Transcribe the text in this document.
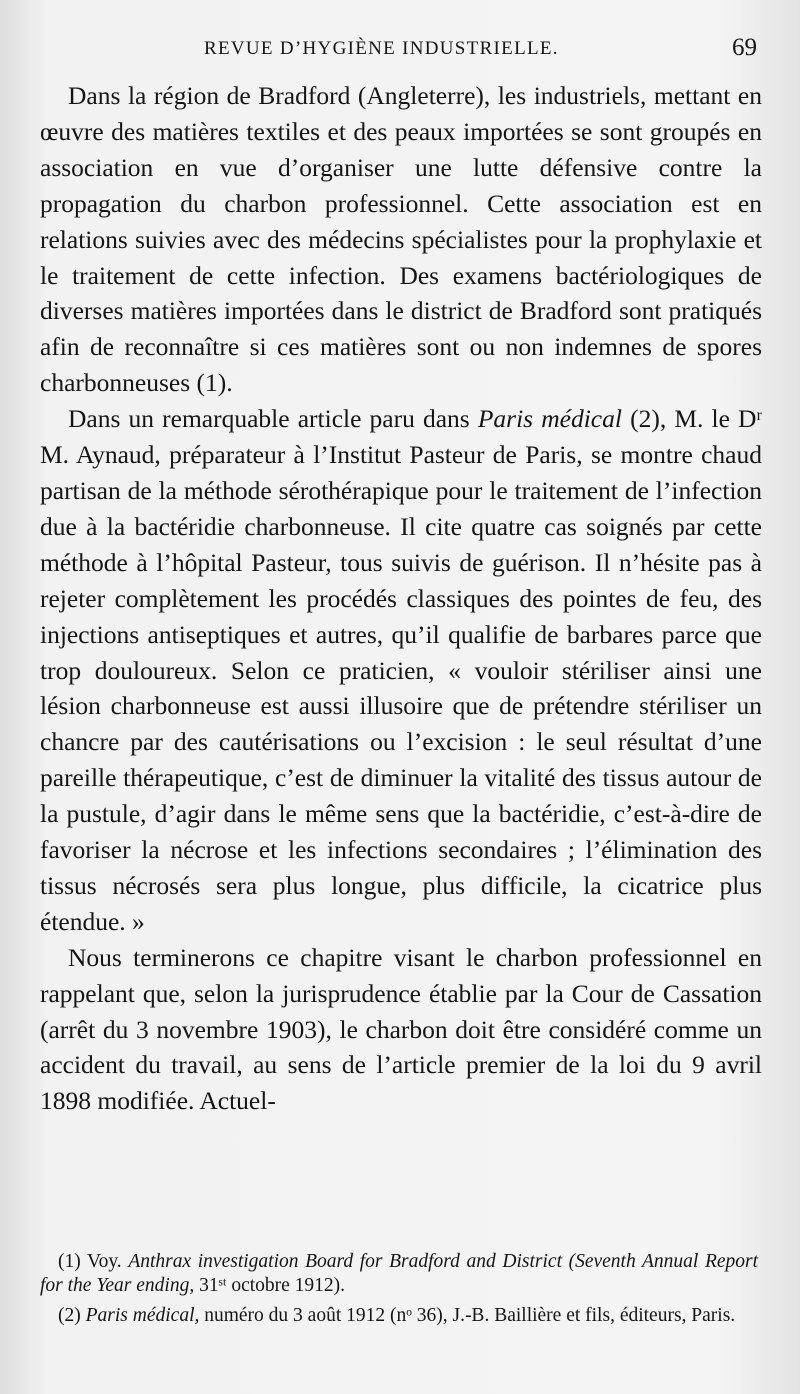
REVUE D’HYGIÈNE INDUSTRIELLE.	69

Dans la région de Bradford (Angleterre), les industriels, mettant en œuvre des matières textiles et des peaux importées se sont groupés en association en vue d’organiser une lutte défensive contre la propagation du charbon professionnel. Cette association est en relations suivies avec des médecins spécialistes pour la prophylaxie et le traitement de cette infection. Des examens bactériologiques de diverses matières importées dans le district de Bradford sont pratiqués afin de reconnaître si ces matières sont ou non indemnes de spores charbonneuses (1).

Dans un remarquable article paru dans Paris médical (2), M. le Dʳ M. Aynaud, préparateur à l’Institut Pasteur de Paris, se montre chaud partisan de la méthode sérothérapique pour le traitement de l’infection due à la bactéridie charbonneuse. Il cite quatre cas soignés par cette méthode à l’hôpital Pasteur, tous suivis de guérison. Il n’hésite pas à rejeter complètement les procédés classiques des pointes de feu, des injections antiseptiques et autres, qu’il qualifie de barbares parce que trop douloureux. Selon ce praticien, « vouloir stériliser ainsi une lésion charbonneuse est aussi illusoire que de prétendre stériliser un chancre par des cautérisations ou l’excision : le seul résultat d’une pareille thérapeutique, c’est de diminuer la vitalité des tissus autour de la pustule, d’agir dans le même sens que la bactéridie, c’est-à-dire de favoriser la nécrose et les infections secondaires ; l’élimination des tissus nécrosés sera plus longue, plus difficile, la cicatrice plus étendue. »

Nous terminerons ce chapitre visant le charbon professionnel en rappelant que, selon la jurisprudence établie par la Cour de Cassation (arrêt du 3 novembre 1903), le charbon doit être considéré comme un accident du travail, au sens de l’article premier de la loi du 9 avril 1898 modifiée. Actuel-

(1) Voy. Anthrax investigation Board for Bradford and District (Seventh Annual Report for the Year ending, 31ˢᵗ octobre 1912).

(2) Paris médical, numéro du 3 août 1912 (nᵒ 36), J.-B. Baillière et fils, éditeurs, Paris.
